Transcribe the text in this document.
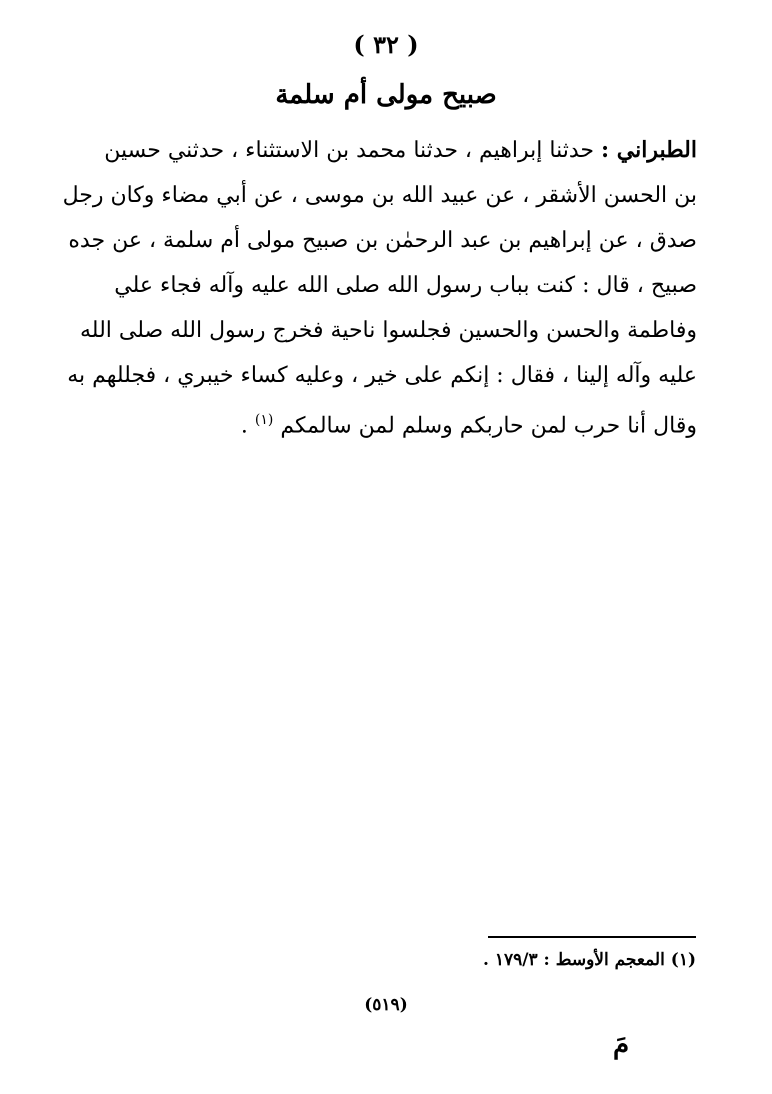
( ٣٢ )
صبيح مولى أم سلمة
الطبراني : حدثنا إبراهيم ، حدثنا محمد بن الاستثناء ، حدثني حسين
بن الحسن الأشقر ، عن عبيد الله بن موسى ، عن أبي مضاء وكان رجل
صدق ، عن إبراهيم بن عبد الرحمٰن بن صبيح مولى أم سلمة ، عن جده
صبيح ، قال : كنت بباب رسول الله صلى الله عليه وآله فجاء علي
وفاطمة والحسن والحسين فجلسوا ناحية فخرج رسول الله صلى الله
عليه وآله إلينا ، فقال : إنكم على خير ، وعليه كساء خيبري ، فجللهم به
وقال أنا حرب لمن حاربكم وسلم لمن سالمكم $^{(١)}$ .
(١) المعجم الأوسط : ١٧٩/٣ .
(٥١٩)
مَ
